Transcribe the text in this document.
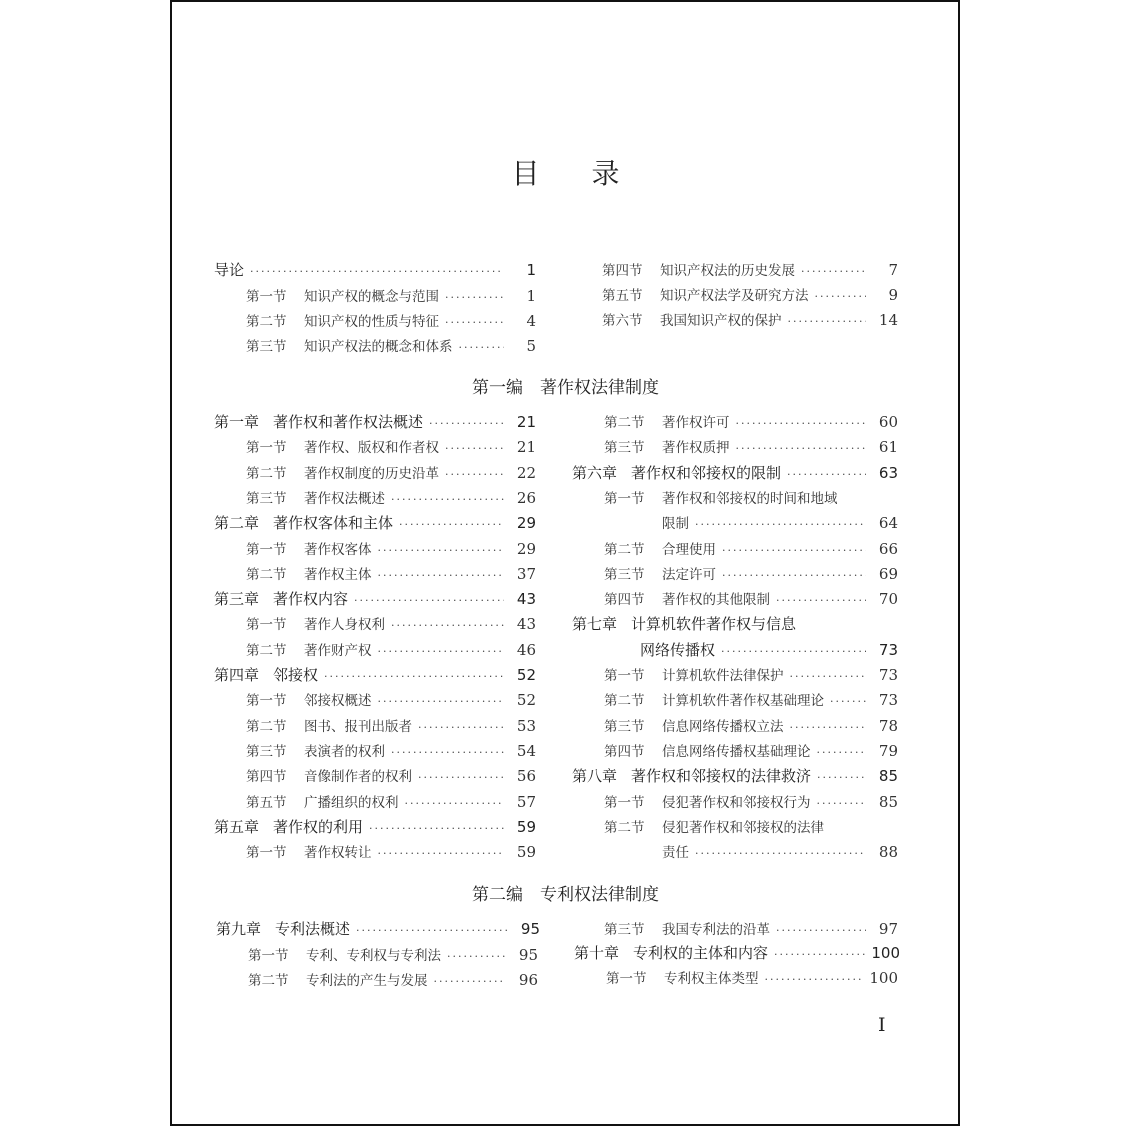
目录
导论 ·····	1
第一节	知识产权的概念与范围 ·····	1
第二节	知识产权的性质与特征 ·····	4
第三节	知识产权法的概念和体系 ·····	5
第四节	知识产权法的历史发展 ·····	7
第五节	知识产权法学及研究方法 ·····	9
第六节	我国知识产权的保护 ·····	14
第一编　著作权法律制度
第一章 著作权和著作权法概述 ·····	21
第一节	著作权、版权和作者权 ·····	21
第二节	著作权制度的历史沿革 ·····	22
第三节	著作权法概述 ·····	26
第二章 著作权客体和主体 ·····	29
第一节	著作权客体 ·····	29
第二节	著作权主体 ·····	37
第三章 著作权内容 ·····	43
第一节	著作人身权利 ·····	43
第二节	著作财产权 ·····	46
第四章 邻接权 ·····	52
第一节	邻接权概述 ·····	52
第二节	图书、报刊出版者 ·····	53
第三节	表演者的权利 ·····	54
第四节	音像制作者的权利 ·····	56
第五节	广播组织的权利 ·····	57
第五章 著作权的利用 ·····	59
第一节	著作权转让 ·····	59
第二节	著作权许可 ·····	60
第三节	著作权质押 ·····	61
第六章 著作权和邻接权的限制 ·····	63
第一节	著作权和邻接权的时间和地域
限制 ·····	64
第二节	合理使用 ·····	66
第三节	法定许可 ·····	69
第四节	著作权的其他限制 ·····	70
第七章 计算机软件著作权与信息
网络传播权 ·····	73
第一节	计算机软件法律保护 ·····	73
第二节	计算机软件著作权基础理论 ·····	73
第三节	信息网络传播权立法 ·····	78
第四节	信息网络传播权基础理论 ·····	79
第八章 著作权和邻接权的法律救济 ·····	85
第一节	侵犯著作权和邻接权行为 ·····	85
第二节	侵犯著作权和邻接权的法律
责任 ·····	88
第二编　专利权法律制度
第九章 专利法概述 ·····	95
第一节	专利、专利权与专利法 ·····	95
第二节	专利法的产生与发展 ·····	96
第三节	我国专利法的沿革 ·····	97
第十章 专利权的主体和内容 ·····	100
第一节	专利权主体类型 ·····	100
I
